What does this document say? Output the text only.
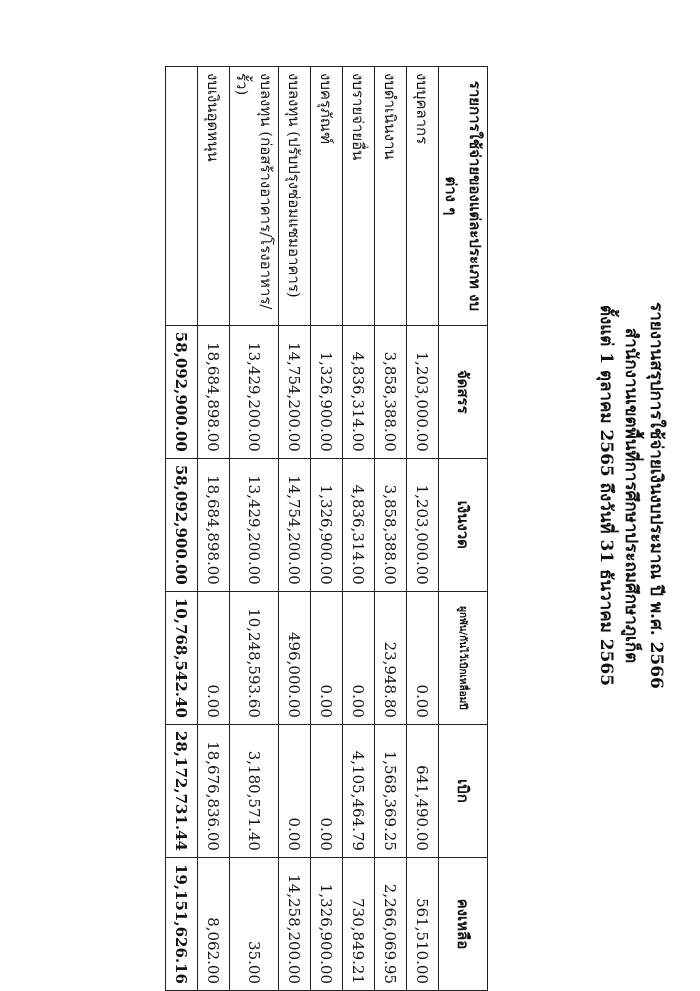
รายงานสรุปการใช้จ่ายเงินงบประมาณ ปี พ.ศ. 2566
สำนักงานเขตพื้นที่การศึกษาประถมศึกษาภูเก็ต
ตั้งแต่ 1 ตุลาคม 2565 ถึงวันที่ 31 ธันวาคม 2565
รายการใช้จ่ายของแต่ละประเภท งบต่าง ๆ	จัดสรร	เงินงวด	ผูกพัน/กันไว้เบิกเหลื่อมปี	เบิก	คงเหลือ
งบบุคลากร	1,203,000.00	1,203,000.00	0.00	641,490.00	561,510.00
งบดำเนินงาน	3,858,388.00	3,858,388.00	23,948.80	1,568,369.25	2,266,069.95
งบรายจ่ายอื่น	4,836,314.00	4,836,314.00	0.00	4,105,464.79	730,849.21
งบครุภัณฑ์	1,326,900.00	1,326,900.00	0.00	0.00	1,326,900.00
งบลงทุน (ปรับปรุงซ่อมแซมอาคาร)	14,754,200.00	14,754,200.00	496,000.00	0.00	14,258,200.00
งบลงทุน (ก่อสร้างอาคาร/โรงอาหาร/รั้ว)	13,429,200.00	13,429,200.00	10,248,593.60	3,180,571.40	35.00
งบเงินอุดหนุน	18,684,898.00	18,684,898.00	0.00	18,676,836.00	8,062.00
	58,092,900.00	58,092,900.00	10,768,542.40	28,172,731.44	19,151,626.16
